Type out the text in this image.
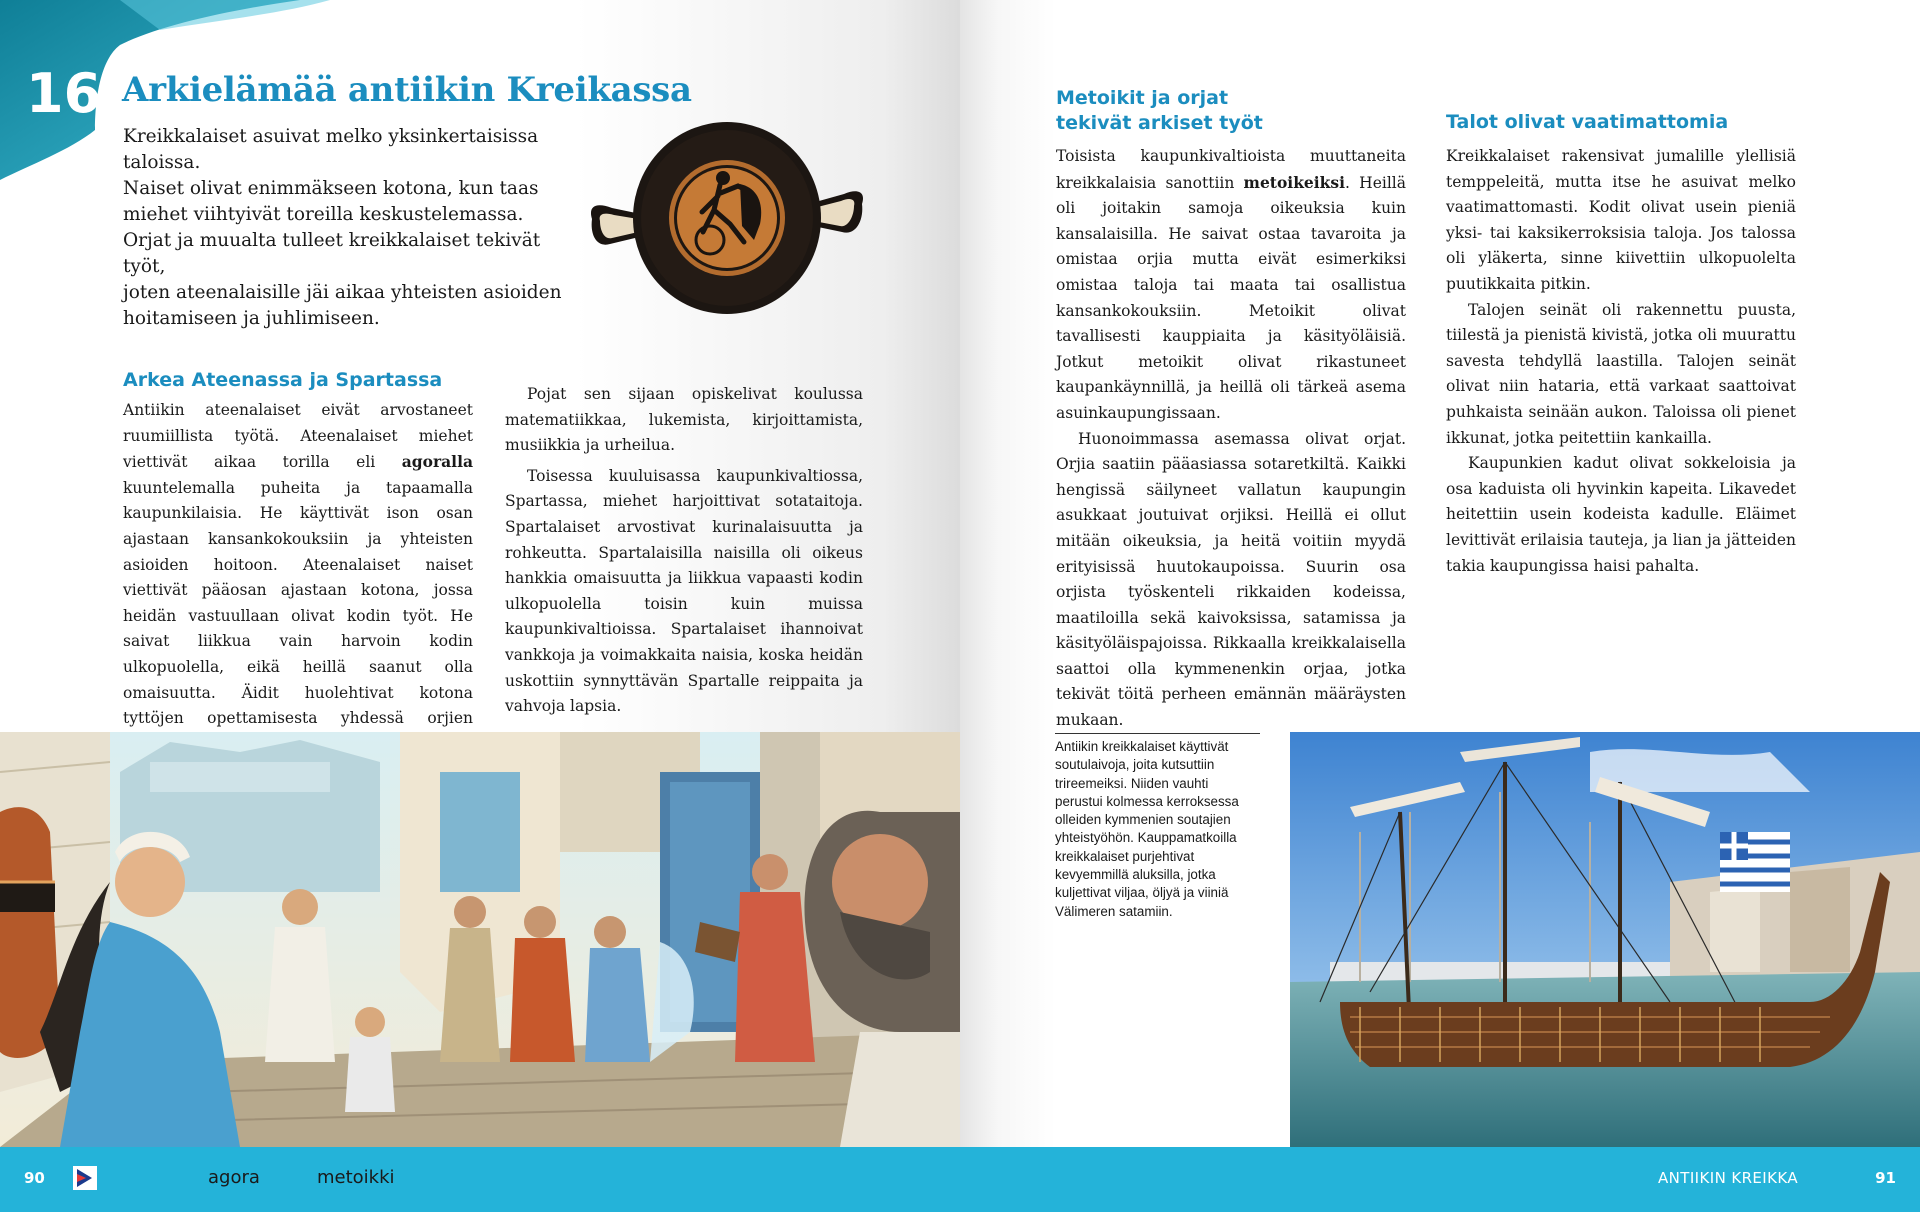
16 Arkielämää antiikin Kreikassa

Kreikkalaiset asuivat melko yksinkertaisissa taloissa.

Naiset olivat enimmäkseen kotona, kun taas

miehet viihtyivät toreilla keskustelemassa.

Orjat ja muualta tulleet kreikkalaiset tekivät työt,

joten ateenalaisille jäi aikaa yhteisten asioiden

hoitamiseen ja juhlimiseen.

Arkea Ateenassa ja Spartassa

Antiikin ateenalaiset eivät arvostaneet ruumiillista työtä. Ateenalaiset miehet viettivät aikaa torilla eli agoralla kuuntelemalla puheita ja tapaamalla kaupunkilaisia. He käyttivät ison osan ajastaan kansankokouksiin ja yhteisten asioiden hoitoon. Ateenalaiset naiset viettivät pääosan ajastaan kotona, jossa heidän vastuullaan olivat kodin työt. He saivat liikkua vain harvoin kodin ulkopuolella, eikä heillä saanut olla omaisuutta. Äidit huolehtivat kotona tyttöjen opettamisesta yhdessä orjien

Pojat sen sijaan opiskelivat koulussa matematiikkaa, lukemista, kirjoittamista, musiikkia ja urheilua.

Toisessa kuuluisassa kaupunkivaltiossa, Spartassa, miehet harjoittivat sotataitoja. Spartalaiset arvostivat kurinalaisuutta ja rohkeutta. Spartalaisilla naisilla oli oikeus hankkia omaisuutta ja liikkua vapaasti kodin ulkopuolella toisin kuin muissa kaupunkivaltioissa. Spartalaiset ihannoivat vankkoja ja voimakkaita naisia, koska heidän uskottiin synnyttävän Spartalle reippaita ja vahvoja lapsia.

90	agora	metoikki
Metoikit ja orjat
tekivät arkiset työt

Toisista kaupunkivaltioista muuttaneita kreikkalaisia sanottiin metoikeiksi. Heillä oli joitakin samoja oikeuksia kuin kansalaisilla. He saivat ostaa tavaroita ja omistaa orjia mutta eivät esimerkiksi omistaa taloja tai maata tai osallistua kansankokouksiin. Metoikit olivat tavallisesti kauppiaita ja käsityöläisiä. Jotkut metoikit olivat rikastuneet kaupankäynnillä, ja heillä oli tärkeä asema asuinkaupungissaan.

Huonoimmassa asemassa olivat orjat. Orjia saatiin pääasiassa sotaretkiltä. Kaikki hengissä säilyneet vallatun kaupungin asukkaat joutuivat orjiksi. Heillä ei ollut mitään oikeuksia, ja heitä voitiin myydä erityisissä huutokaupoissa. Suurin osa orjista työskenteli rikkaiden kodeissa, maatiloilla sekä kaivoksissa, satamissa ja käsityöläispajoissa. Rikkaalla kreikkalaisella saattoi olla kymmenenkin orjaa, jotka tekivät töitä perheen emännän määräysten mukaan.

Talot olivat vaatimattomia

Kreikkalaiset rakensivat jumalille ylellisiä temppeleitä, mutta itse he asuivat melko vaatimattomasti. Kodit olivat usein pieniä yksi- tai kaksikerroksisia taloja. Jos talossa oli yläkerta, sinne kiivettiin ulkopuolelta puutikkaita pitkin.

Talojen seinät oli rakennettu puusta, tiilestä ja pienistä kivistä, jotka oli muurattu savesta tehdyllä laastilla. Talojen seinät olivat niin hataria, että varkaat saattoivat puhkaista seinään aukon. Taloissa oli pienet ikkunat, jotka peitettiin kankailla.

Kaupunkien kadut olivat sokkeloisia ja osa kaduista oli hyvinkin kapeita. Likavedet heitettiin usein kodeista kadulle. Eläimet levittivät erilaisia tauteja, ja lian ja jätteiden takia kaupungissa haisi pahalta.

ANTIIKIN KREIKKA	91
Antiikin kreikkalaiset käyttivät
soutulaivoja, joita kutsuttiin
trireemeiksi. Niiden vauhti
perustui kolmessa kerroksessa
olleiden kymmenien soutajien
yhteistyöhön. Kauppamatkoilla
kreikkalaiset purjehtivat
kevyemmillä aluksilla, jotka
kuljettivat viljaa, öljyä ja viiniä
Välimeren satamiin.
